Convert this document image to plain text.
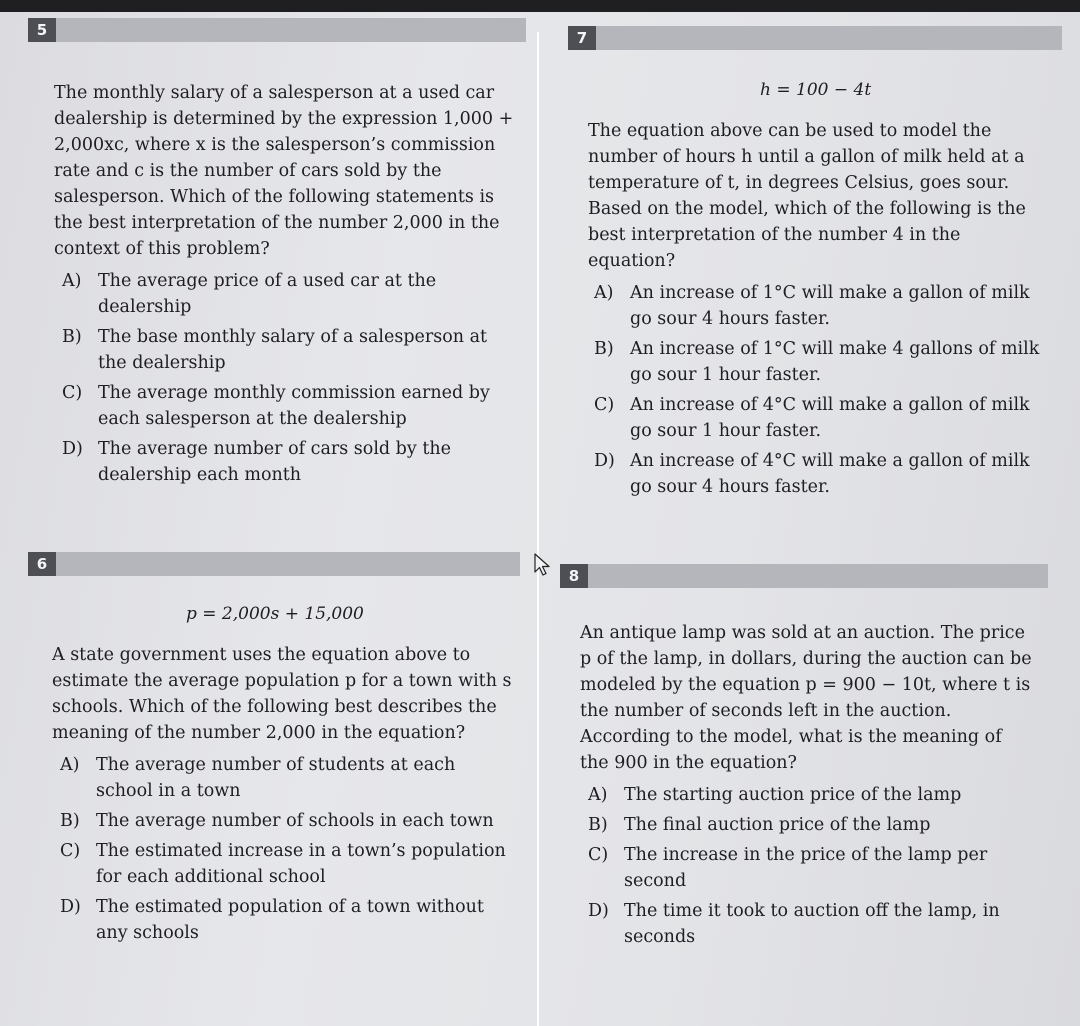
5
The monthly salary of a salesperson at a used car dealership is determined by the expression 1,000 + 2,000xc, where x is the salesperson’s commission rate and c is the number of cars sold by the salesperson. Which of the following statements is the best interpretation of the number 2,000 in the context of this problem?
A) The average price of a used car at the dealership
B) The base monthly salary of a salesperson at the dealership
C) The average monthly commission earned by each salesperson at the dealership
D) The average number of cars sold by the dealership each month
7
h = 100 − 4t
The equation above can be used to model the number of hours h until a gallon of milk held at a temperature of t, in degrees Celsius, goes sour. Based on the model, which of the following is the best interpretation of the number 4 in the equation?
A) An increase of 1°C will make a gallon of milk go sour 4 hours faster.
B) An increase of 1°C will make 4 gallons of milk go sour 1 hour faster.
C) An increase of 4°C will make a gallon of milk go sour 1 hour faster.
D) An increase of 4°C will make a gallon of milk go sour 4 hours faster.
6
p = 2,000s + 15,000
A state government uses the equation above to estimate the average population p for a town with s schools. Which of the following best describes the meaning of the number 2,000 in the equation?
A) The average number of students at each school in a town
B) The average number of schools in each town
C) The estimated increase in a town’s population for each additional school
D) The estimated population of a town without any schools
8
An antique lamp was sold at an auction. The price p of the lamp, in dollars, during the auction can be modeled by the equation p = 900 − 10t, where t is the number of seconds left in the auction. According to the model, what is the meaning of the 900 in the equation?
A) The starting auction price of the lamp
B) The final auction price of the lamp
C) The increase in the price of the lamp per second
D) The time it took to auction off the lamp, in seconds
